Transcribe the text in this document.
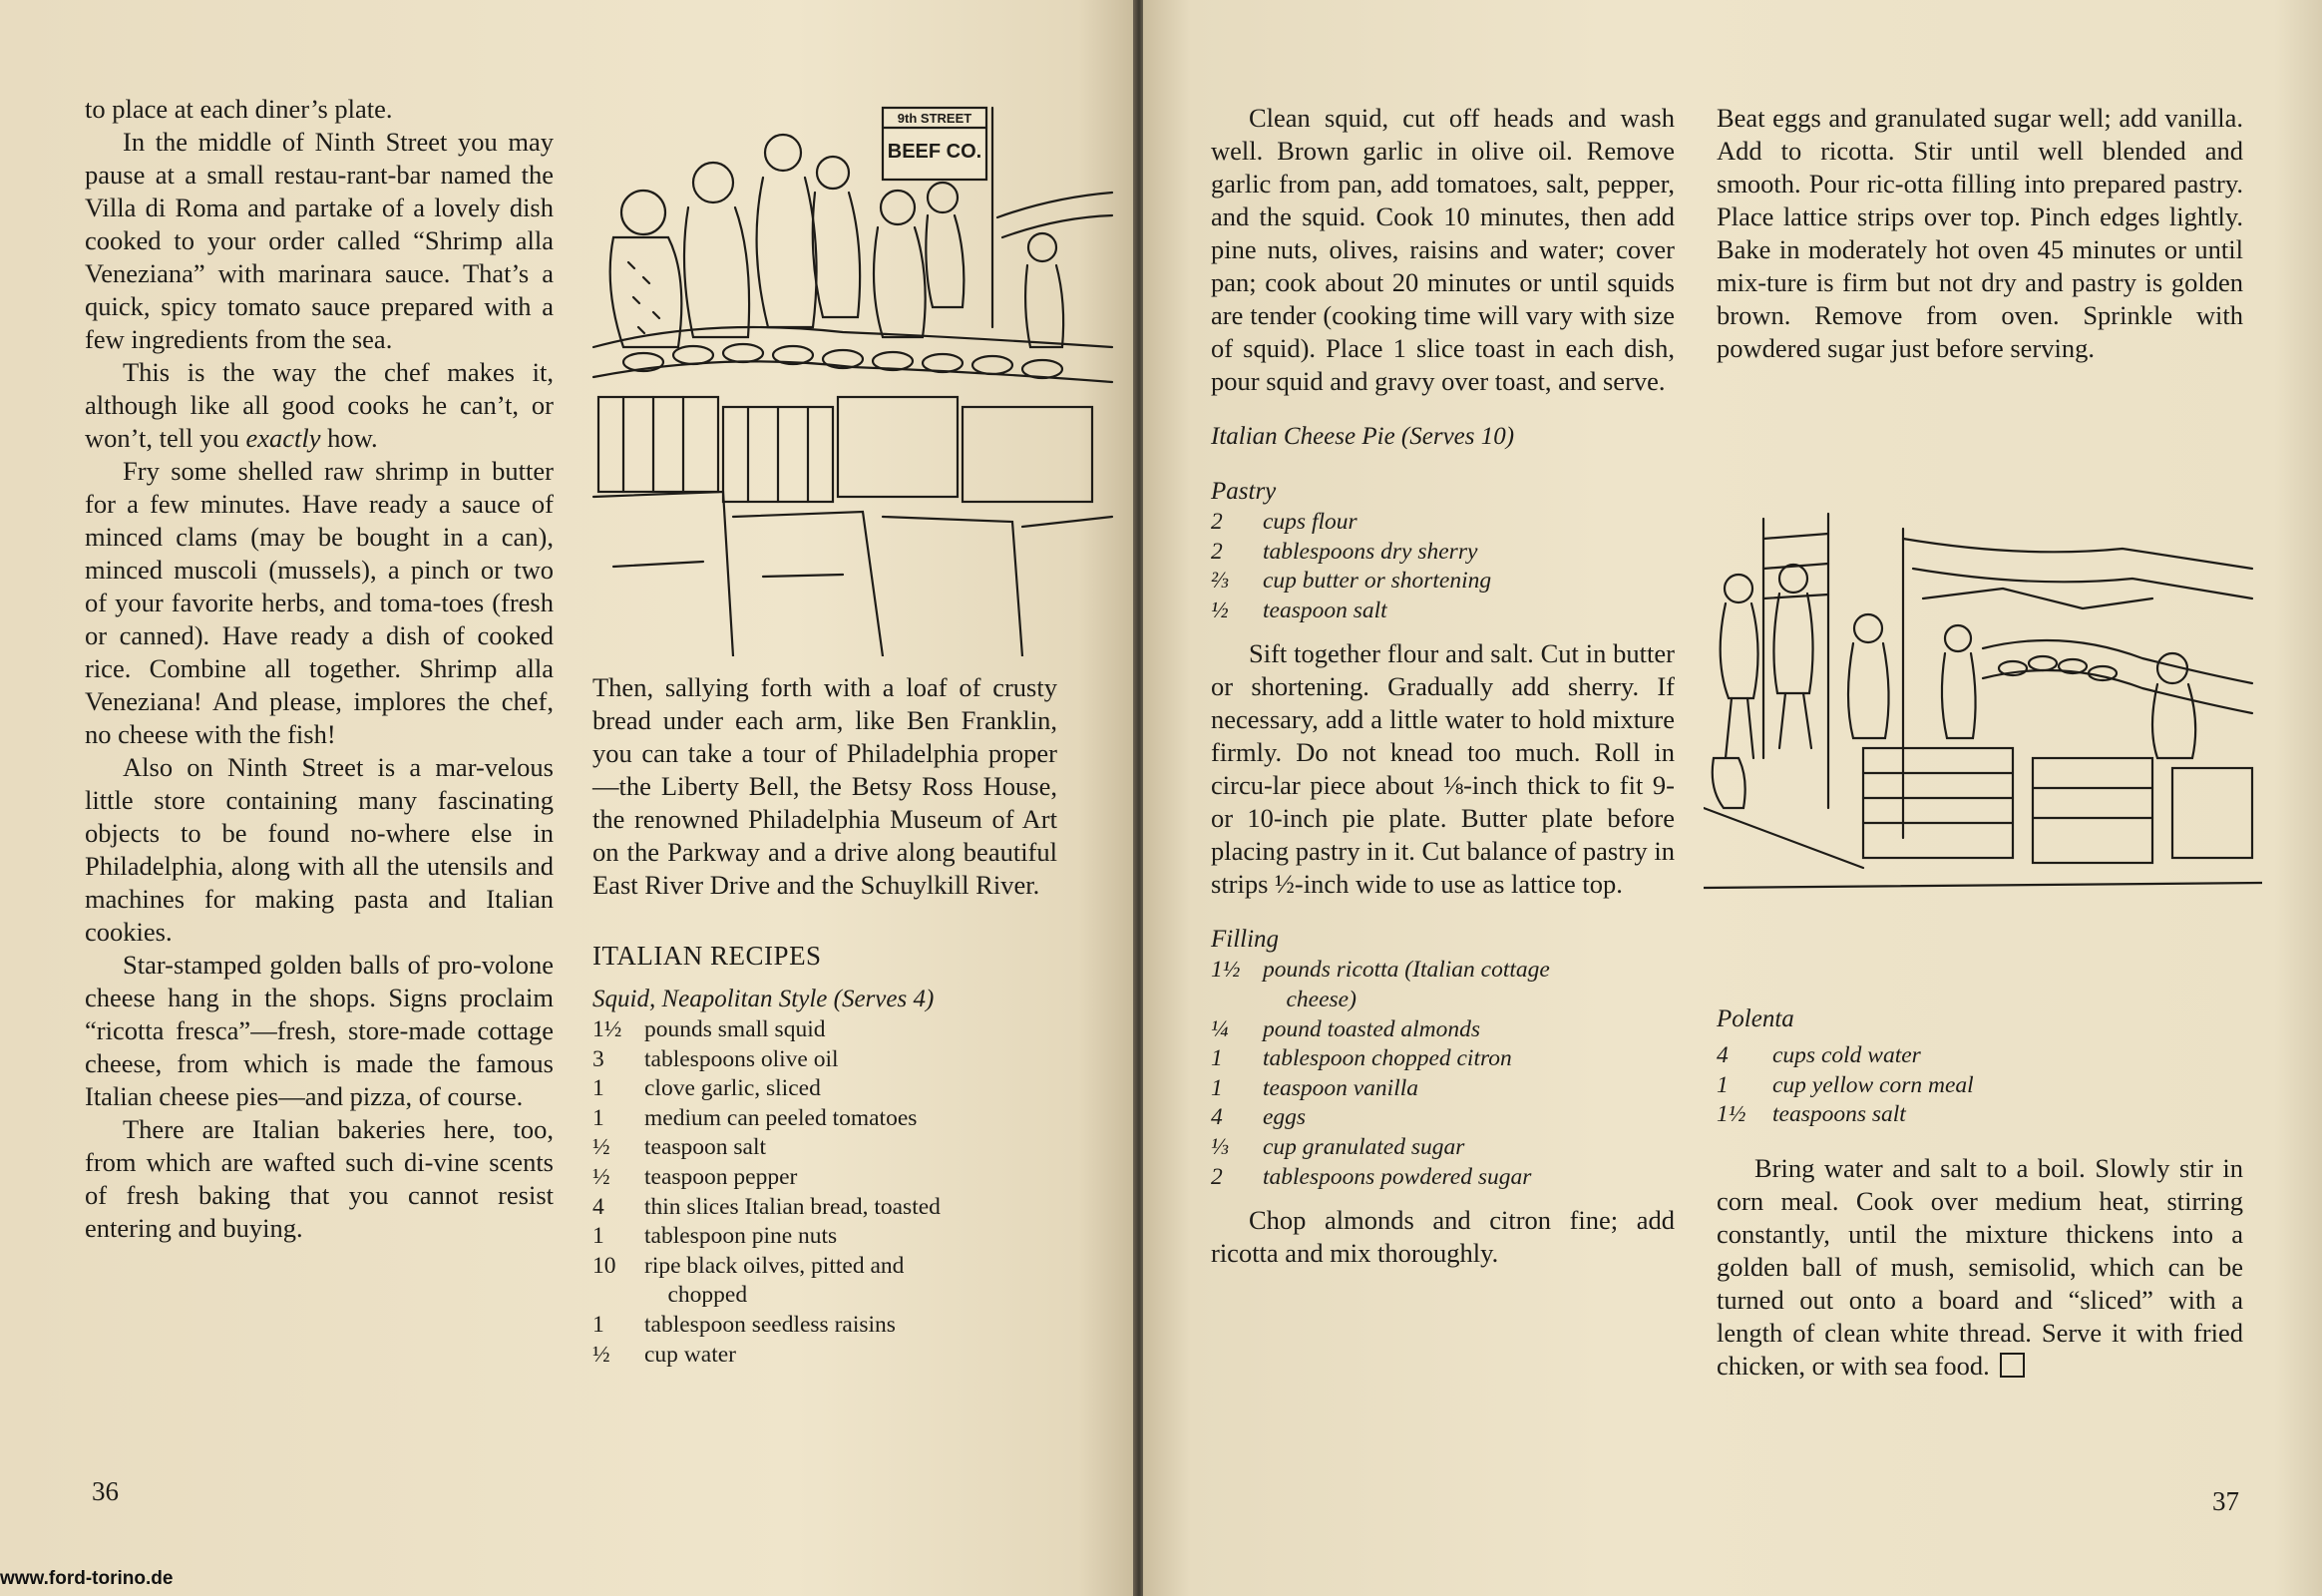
to place at each diner’s plate.

In the middle of Ninth Street you may pause at a small restau-rant-bar named the Villa di Roma and partake of a lovely dish cooked to your order called “Shrimp alla Veneziana” with marinara sauce. That’s a quick, spicy tomato sauce prepared with a few ingredients from the sea.

This is the way the chef makes it, although like all good cooks he can’t, or won’t, tell you exactly how.

Fry some shelled raw shrimp in butter for a few minutes. Have ready a sauce of minced clams (may be bought in a can), minced muscoli (mussels), a pinch or two of your favorite herbs, and toma-toes (fresh or canned). Have ready a dish of cooked rice. Combine all together. Shrimp alla Veneziana! And please, implores the chef, no cheese with the fish!

Also on Ninth Street is a mar-velous little store containing many fascinating objects to be found no-where else in Philadelphia, along with all the utensils and machines for making pasta and Italian cookies.

Star-stamped golden balls of pro-volone cheese hang in the shops. Signs proclaim “ricotta fresca”—fresh, store-made cottage cheese, from which is made the famous Italian cheese pies—and pizza, of course.

There are Italian bakeries here, too, from which are wafted such di-vine scents of fresh baking that you cannot resist entering and buying.

9th STREET
BEEF CO.

Then, sallying forth with a loaf of crusty bread under each arm, like Ben Franklin, you can take a tour of Philadelphia proper—the Liberty Bell, the Betsy Ross House, the renowned Philadelphia Museum of Art on the Parkway and a drive along beautiful East River Drive and the Schuylkill River.

ITALIAN RECIPES

Squid, Neapolitan Style (Serves 4)

1½ pounds small squid
3	tablespoons olive oil
1	clove garlic, sliced
1	medium can peeled tomatoes
½	teaspoon salt
½	teaspoon pepper
4	thin slices Italian bread, toasted
1	tablespoon pine nuts
10	ripe black oilves, pitted and
chopped
1	tablespoon seedless raisins
½	cup water
36
www.ford-torino.de

Clean squid, cut off heads and wash well. Brown garlic in olive oil. Remove garlic from pan, add tomatoes, salt, pepper, and the squid. Cook 10 minutes, then add pine nuts, olives, raisins and water; cover pan; cook about 20 minutes or until squids are tender (cooking time will vary with size of squid). Place 1 slice toast in each dish, pour squid and gravy over toast, and serve.

Italian Cheese Pie (Serves 10)

Pastry

2	cups flour
2	tablespoons dry sherry
⅔	cup butter or shortening
½	teaspoon salt

Sift together flour and salt. Cut in butter or shortening. Gradually add sherry. If necessary, add a little water to hold mixture firmly. Do not knead too much. Roll in circu-lar piece about ⅛-inch thick to fit 9- or 10-inch pie plate. Butter plate before placing pastry in it. Cut balance of pastry in strips ½-inch wide to use as lattice top.

Filling

1½ pounds ricotta (Italian cottage
cheese)
¼	pound toasted almonds
1	tablespoon chopped citron
1	teaspoon vanilla
4	eggs
⅓	cup granulated sugar
2	tablespoons powdered sugar

Chop almonds and citron fine; add ricotta and mix thoroughly.

Beat eggs and granulated sugar well; add vanilla. Add to ricotta. Stir until well blended and smooth. Pour ric-otta filling into prepared pastry. Place lattice strips over top. Pinch edges lightly. Bake in moderately hot oven 45 minutes or until mix-ture is firm but not dry and pastry is golden brown. Remove from oven. Sprinkle with powdered sugar just before serving.

Polenta

4	cups cold water
1	cup yellow corn meal
1½	teaspoons salt

Bring water and salt to a boil. Slowly stir in corn meal. Cook over medium heat, stirring constantly, until the mixture thickens into a golden ball of mush, semisolid, which can be turned out onto a board and “sliced” with a length of clean white thread. Serve it with fried chicken, or with sea food.

37
